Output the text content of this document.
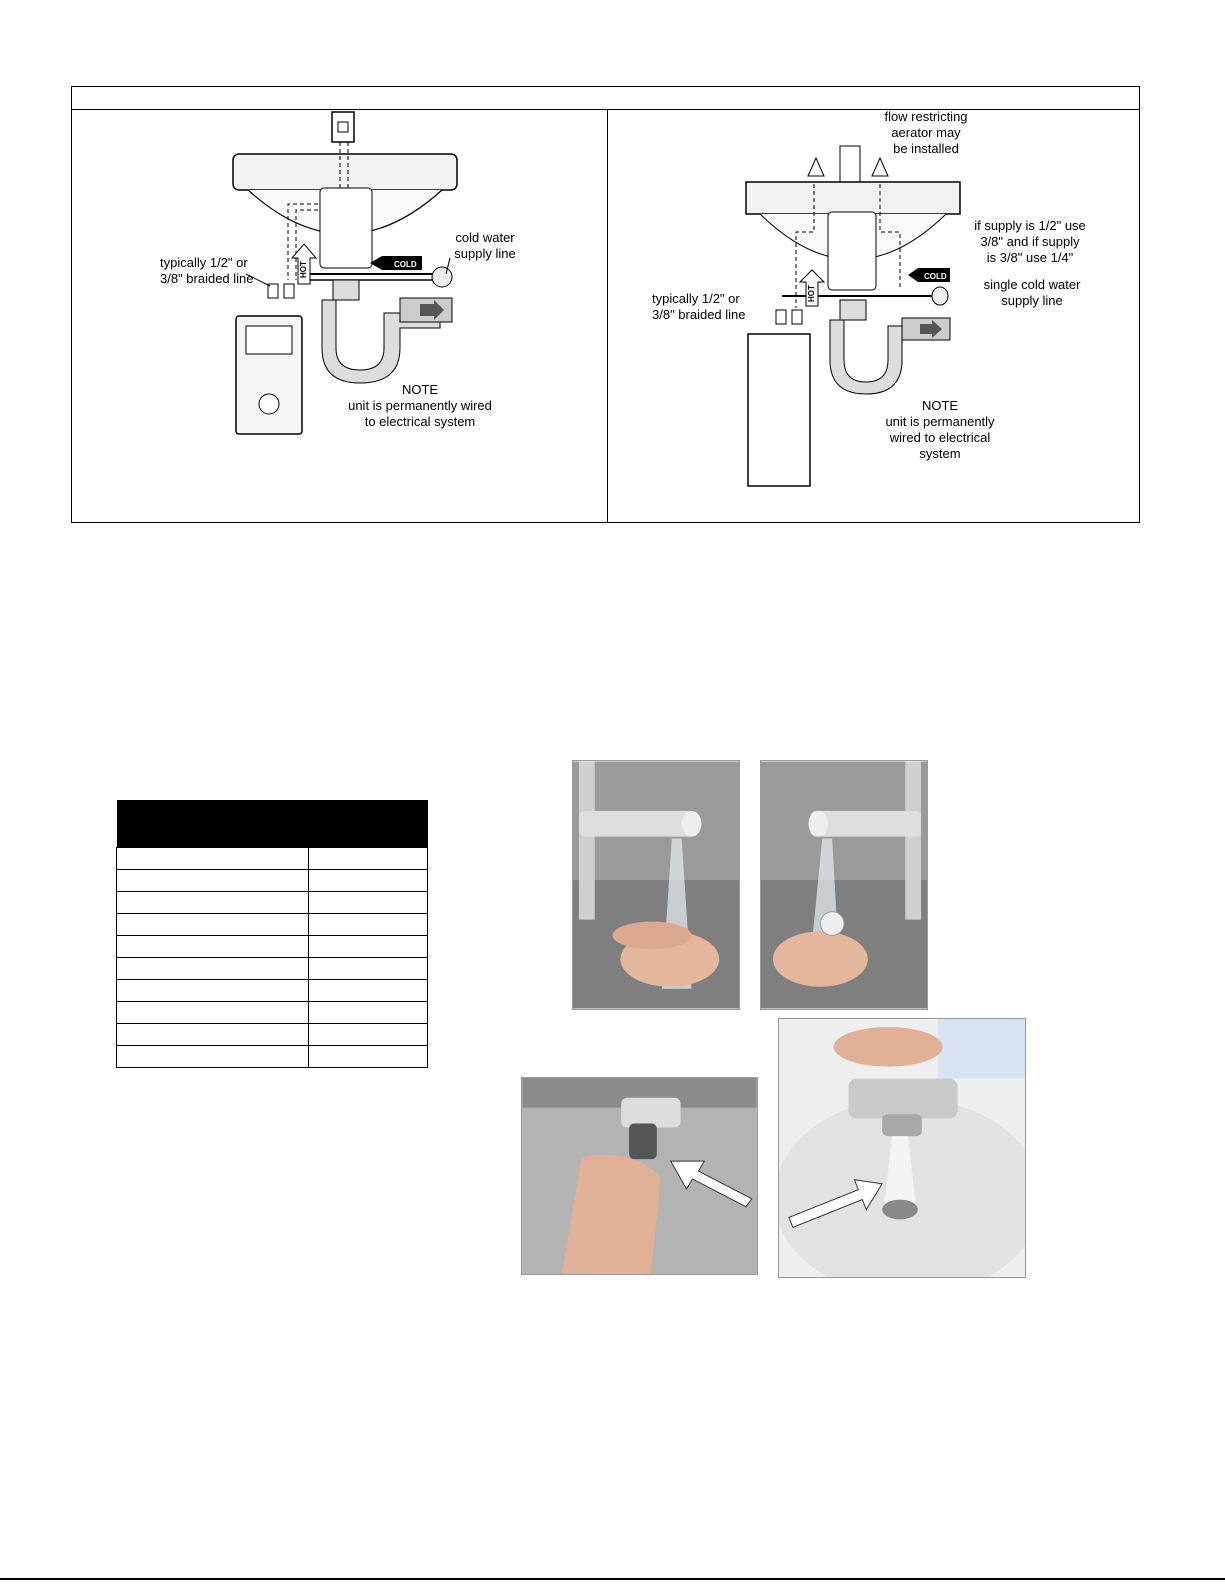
HOT	COLD
typically 1/2" or
3/8" braided line
cold water
supply line
NOTE
unit is permanently wired
to electrical system
HOT
COLD
flow restricting
aerator may
be installed
if supply is 1/2" use
3/8" and if supply
is 3/8" use 1/4"
single cold water
supply line
typically 1/2" or
3/8" braided line
NOTE
unit is permanently
wired to electrical
system
